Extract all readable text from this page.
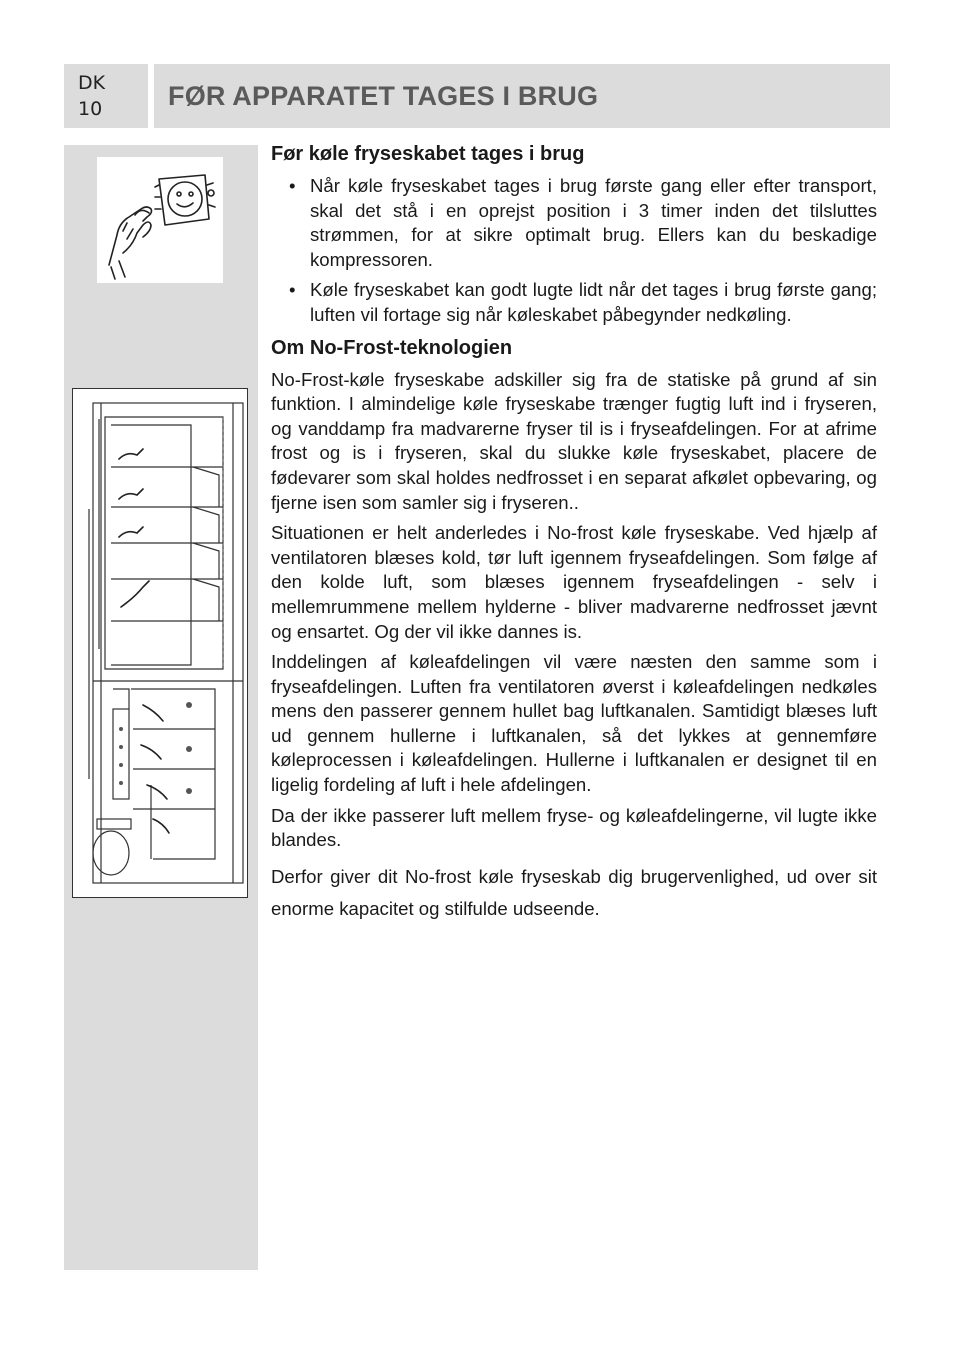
DK
10	FØR APPARATET TAGES I BRUG
Før køle fryseskabet tages i brug
• Når køle fryseskabet tages i brug første gang eller efter transport, skal det stå i en oprejst position i 3 timer inden det tilsluttes strømmen, for at sikre optimalt brug. Ellers kan du beskadige kompressoren.
• Køle fryseskabet kan godt lugte lidt når det tages i brug første gang; luften vil fortage sig når køleskabet påbegynder nedkøling.
Om No-Frost-teknologien

No-Frost-køle fryseskabe adskiller sig fra de statiske på grund af sin funktion. I almindelige køle fryseskabe trænger fugtig luft ind i fryseren, og vanddamp fra madvarerne fryser til is i fryseafdelingen. For at afrime frost og is i fryseren, skal du slukke køle fryseskabet, placere de fødevarer som skal holdes nedfrosset i en separat afkølet opbevaring, og fjerne isen som samler sig i fryseren..

Situationen er helt anderledes i No-frost køle fryseskabe. Ved hjælp af ventilatoren blæses kold, tør luft igennem fryseafdelingen. Som følge af den kolde luft, som blæses igennem fryseafdelingen - selv i mellemrummene mellem hylderne - bliver madvarerne nedfrosset jævnt og ensartet. Og der vil ikke dannes is.

Inddelingen af køleafdelingen vil være næsten den samme som i fryseafdelingen. Luften fra ventilatoren øverst i køleafdelingen nedkøles mens den passerer gennem hullet bag luftkanalen. Samtidigt blæses luft ud gennem hullerne i luftkanalen, så det lykkes at gennemføre køleprocessen i køleafdelingen. Hullerne i luftkanalen er designet til en ligelig fordeling af luft i hele afdelingen.

Da der ikke passerer luft mellem fryse- og køleafdelingerne, vil lugte ikke blandes.

Derfor giver dit No-frost køle fryseskab dig brugervenlighed, ud over sit enorme kapacitet og stilfulde udseende.
